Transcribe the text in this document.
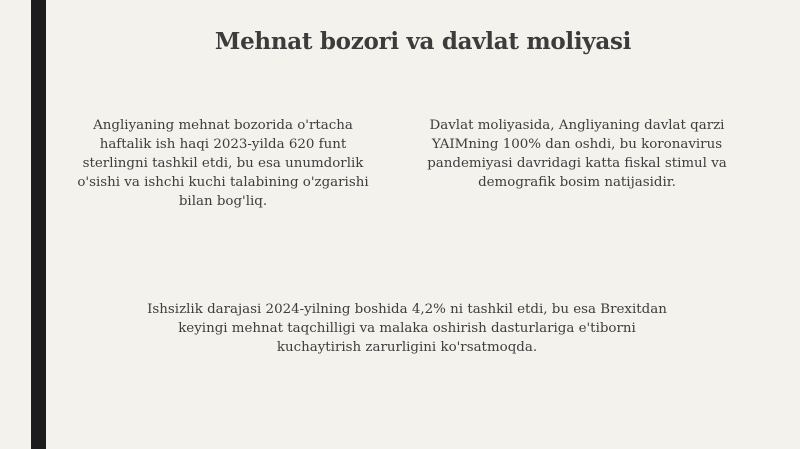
Mehnat bozori va davlat moliyasi

Angliyaning mehnat bozorida o'rtacha haftalik ish haqi 2023-yilda 620 funt sterlingni tashkil etdi, bu esa unumdorlik o'sishi va ishchi kuchi talabining o'zgarishi bilan bog'liq.

Davlat moliyasida, Angliyaning davlat qarzi YAIMning 100% dan oshdi, bu koronavirus pandemiyasi davridagi katta fiskal stimul va demografik bosim natijasidir.

Ishsizlik darajasi 2024-yilning boshida 4,2% ni tashkil etdi, bu esa Brexitdan keyingi mehnat taqchilligi va malaka oshirish dasturlariga e'tiborni kuchaytirish zarurligini ko'rsatmoqda.
